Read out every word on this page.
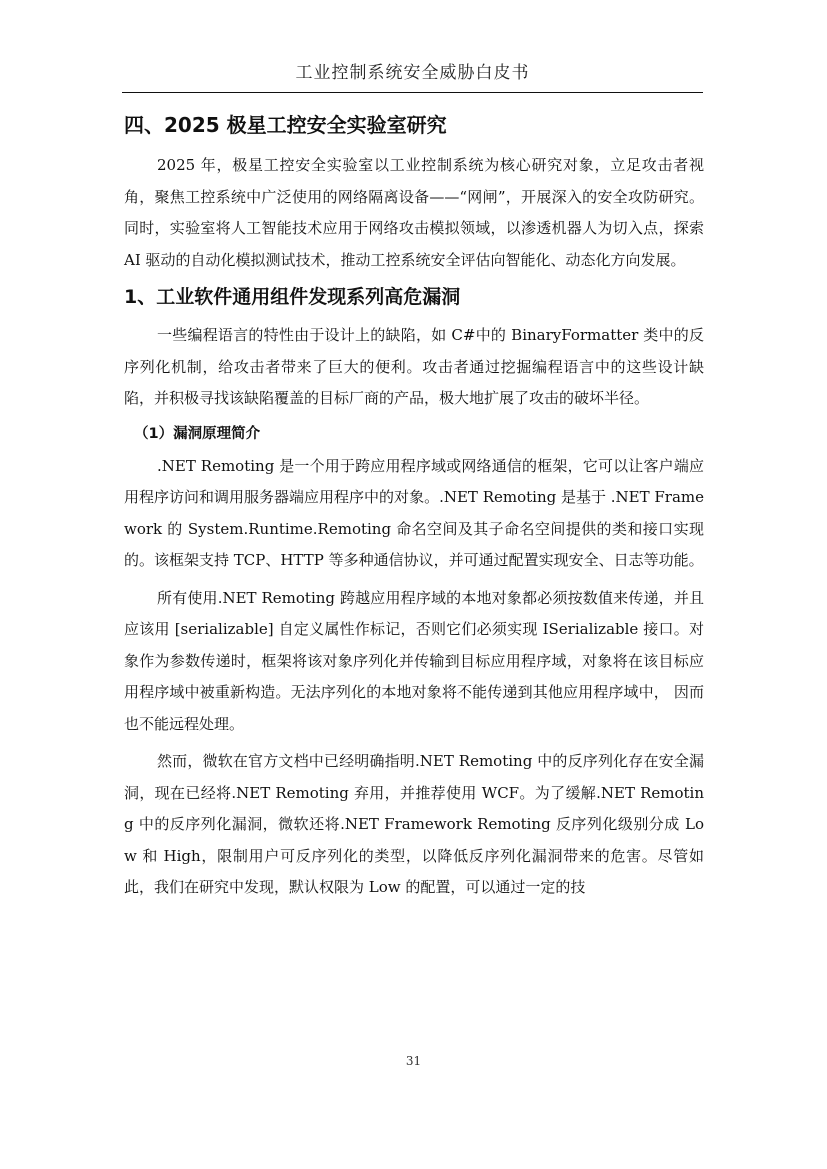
工业控制系统安全威胁白皮书
四、2025 极星工控安全实验室研究

2025 年，极星工控安全实验室以工业控制系统为核心研究对象，立足攻击者视角，聚焦工控系统中广泛使用的网络隔离设备——“网闸”，开展深入的安全攻防研究。同时，实验室将人工智能技术应用于网络攻击模拟领域，以渗透机器人为切入点，探索 AI 驱动的自动化模拟测试技术，推动工控系统安全评估向智能化、动态化方向发展。

1、工业软件通用组件发现系列高危漏洞

一些编程语言的特性由于设计上的缺陷，如 C#中的 BinaryFormatter 类中的反序列化机制，给攻击者带来了巨大的便利。攻击者通过挖掘编程语言中的这些设计缺陷，并积极寻找该缺陷覆盖的目标厂商的产品，极大地扩展了攻击的破坏半径。

（1）漏洞原理简介

.NET Remoting 是一个用于跨应用程序域或网络通信的框架，它可以让客户端应用程序访问和调用服务器端应用程序中的对象。.NET Remoting 是基于 .NET Framework 的 System.Runtime.Remoting 命名空间及其子命名空间提供的类和接口实现的。该框架支持 TCP、HTTP 等多种通信协议，并可通过配置实现安全、日志等功能。

所有使用.NET Remoting 跨越应用程序域的本地对象都必须按数值来传递，并且应该用 [serializable] 自定义属性作标记，否则它们必须实现 ISerializable 接口。对象作为参数传递时，框架将该对象序列化并传输到目标应用程序域，对象将在该目标应用程序域中被重新构造。无法序列化的本地对象将不能传递到其他应用程序域中， 因而也不能远程处理。

然而，微软在官方文档中已经明确指明.NET Remoting 中的反序列化存在安全漏洞，现在已经将.NET Remoting 弃用，并推荐使用 WCF。为了缓解.NET Remoting 中的反序列化漏洞，微软还将.NET Framework Remoting 反序列化级别分成 Low 和 High，限制用户可反序列化的类型，以降低反序列化漏洞带来的危害。尽管如此，我们在研究中发现，默认权限为 Low 的配置，可以通过一定的技

31
